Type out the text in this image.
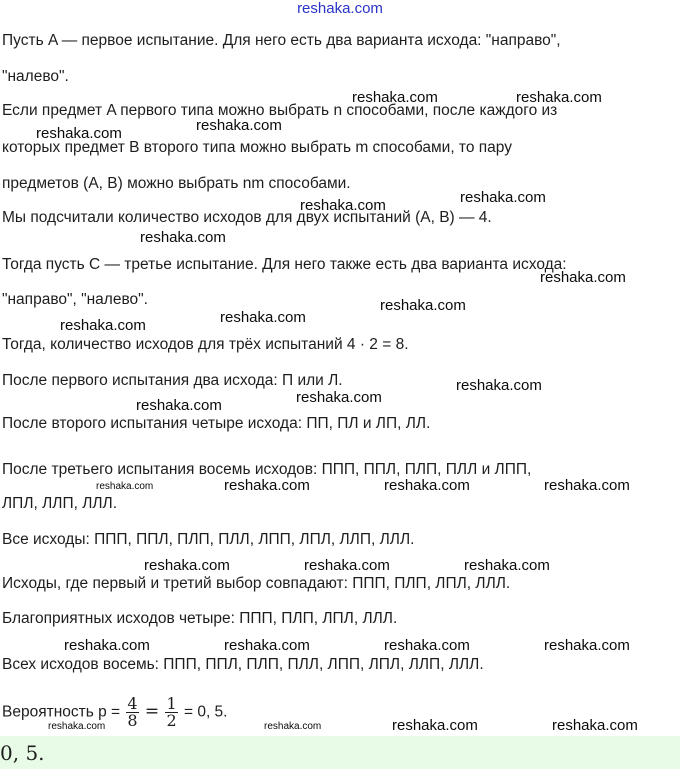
reshaka.com
Пусть A — первое испытание. Для него есть два варианта исхода: "направо",
"налево".
Если предмет A первого типа можно выбрать n способами, после каждого из
которых предмет B второго типа можно выбрать m способами, то пару
предметов (A, B) можно выбрать nm способами.
Мы подсчитали количество исходов для двух испытаний (A, B) — 4.
Тогда пусть C — третье испытание. Для него также есть два варианта исхода:
"направо", "налево".
Тогда, количество исходов для трёх испытаний 4 · 2 = 8.
После первого испытания два исхода: П или Л.
После второго испытания четыре исхода: ПП, ПЛ и ЛП, ЛЛ.
После третьего испытания восемь исходов: ППП, ППЛ, ПЛП, ПЛЛ и ЛПП,
ЛПЛ, ЛЛП, ЛЛЛ.
Все исходы: ППП, ППЛ, ПЛП, ПЛЛ, ЛПП, ЛПЛ, ЛЛП, ЛЛЛ.
Исходы, где первый и третий выбор совпадают: ППП, ПЛП, ЛПЛ, ЛЛЛ.
Благоприятных исходов четыре: ППП, ПЛП, ЛПЛ, ЛЛЛ.
Всех исходов восемь: ППП, ППЛ, ПЛП, ПЛЛ, ЛПП, ЛПЛ, ЛЛП, ЛЛЛ.
Вероятность $p = \frac{4}{8} = \frac{1}{2} = 0$, 5.
reshaka.com	reshaka.com
reshaka.com	reshaka.com
reshaka.com
reshaka.com
reshaka.com
reshaka.com
reshaka.com
reshaka.com
reshaka.com
reshaka.com
reshaka.com
reshaka.com
reshaka.com	reshaka.com	reshaka.com	reshaka.com
reshaka.com	reshaka.com	reshaka.com
reshaka.com	reshaka.com	reshaka.com	reshaka.com
reshaka.com	reshaka.com	reshaka.com	reshaka.com
0, 5.
